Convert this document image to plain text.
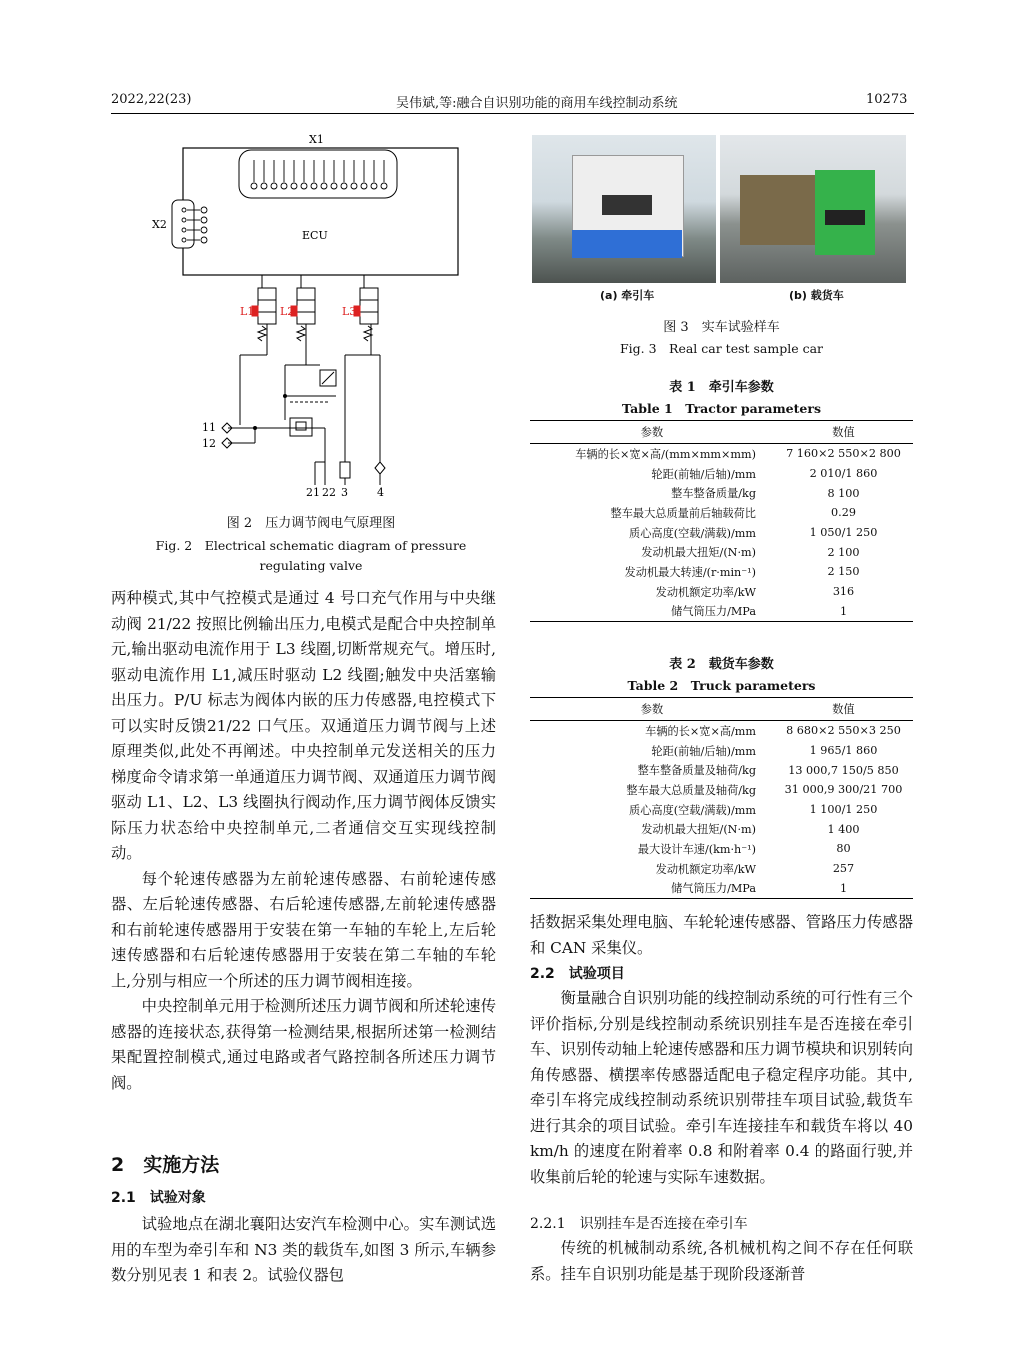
2022,22(23)	吴伟斌,等:融合自识别功能的商用车线控制动系统	10273
X1
X2
ECU
L1 L2	L3
11
12
21 22 3	4
图 2　压力调节阀电气原理图
Fig. 2　Electrical schematic diagram of pressure
regulating valve

两种模式,其中气控模式是通过 4 号口充气作用与中央继动阀 21/22 按照比例输出压力,电模式是配合中央控制单元,输出驱动电流作用于 L3 线圈,切断常规充气。增压时,驱动电流作用 L1,减压时驱动 L2 线圈;触发中央活塞输出压力。P/U 标志为阀体内嵌的压力传感器,电控模式下可以实时反馈21/22 口气压。双通道压力调节阀与上述原理类似,此处不再阐述。中央控制单元发送相关的压力梯度命令请求第一单通道压力调节阀、双通道压力调节阀驱动 L1、L2、L3 线圈执行阀动作,压力调节阀体反馈实际压力状态给中央控制单元,二者通信交互实现线控制动。

每个轮速传感器为左前轮速传感器、右前轮速传感器、左后轮速传感器、右后轮速传感器,左前轮速传感器和右前轮速传感器用于安装在第一车轴的车轮上,左后轮速传感器和右后轮速传感器用于安装在第二车轴的车轮上,分别与相应一个所述的压力调节阀相连接。

中央控制单元用于检测所述压力调节阀和所述轮速传感器的连接状态,获得第一检测结果,根据所述第一检测结果配置控制模式,通过电路或者气路控制各所述压力调节阀。

2　实施方法
2.1　试验对象
试验地点在湖北襄阳达安汽车检测中心。实车测试选用的车型为牵引车和 N3 类的载货车,如图 3 所示,车辆参数分别见表 1 和表 2。试验仪器包
(a) 牵引车	(b) 载货车
图 3　实车试验样车
Fig. 3　Real car test sample car
表 1　牵引车参数
Table 1　Tractor parameters
参数	数值
车辆的长×宽×高/(mm×mm×mm)	7 160×2 550×2 800
轮距(前轴/后轴)/mm	2 010/1 860
整车整备质量/kg	8 100
整车最大总质量前后轴载荷比	0.29
质心高度(空载/满载)/mm	1 050/1 250
发动机最大扭矩/(N·m)	2 100
发动机最大转速/(r·min⁻¹)	2 150
发动机额定功率/kW	316
储气筒压力/MPa	1
表 2　载货车参数
Table 2　Truck parameters
参数	数值
车辆的长×宽×高/mm	8 680×2 550×3 250
轮距(前轴/后轴)/mm	1 965/1 860
整车整备质量及轴荷/kg	13 000,7 150/5 850
整车最大总质量及轴荷/kg	31 000,9 300/21 700
质心高度(空载/满载)/mm	1 100/1 250
发动机最大扭矩/(N·m)	1 400
最大设计车速/(km·h⁻¹)	80
发动机额定功率/kW	257
储气筒压力/MPa	1
括数据采集处理电脑、车轮轮速传感器、管路压力传感器和 CAN 采集仪。
2.2　试验项目
衡量融合自识别功能的线控制动系统的可行性有三个评价指标,分别是线控制动系统识别挂车是否连接在牵引车、识别传动轴上轮速传感器和压力调节模块和识别转向角传感器、横摆率传感器适配电子稳定程序功能。其中,牵引车将完成线控制动系统识别带挂车项目试验,载货车进行其余的项目试验。牵引车连接挂车和载货车将以 40 km/h 的速度在附着率 0.8 和附着率 0.4 的路面行驶,并收集前后轮的轮速与实际车速数据。
2.2.1　识别挂车是否连接在牵引车
传统的机械制动系统,各机械机构之间不存在任何联系。挂车自识别功能是基于现阶段逐渐普
